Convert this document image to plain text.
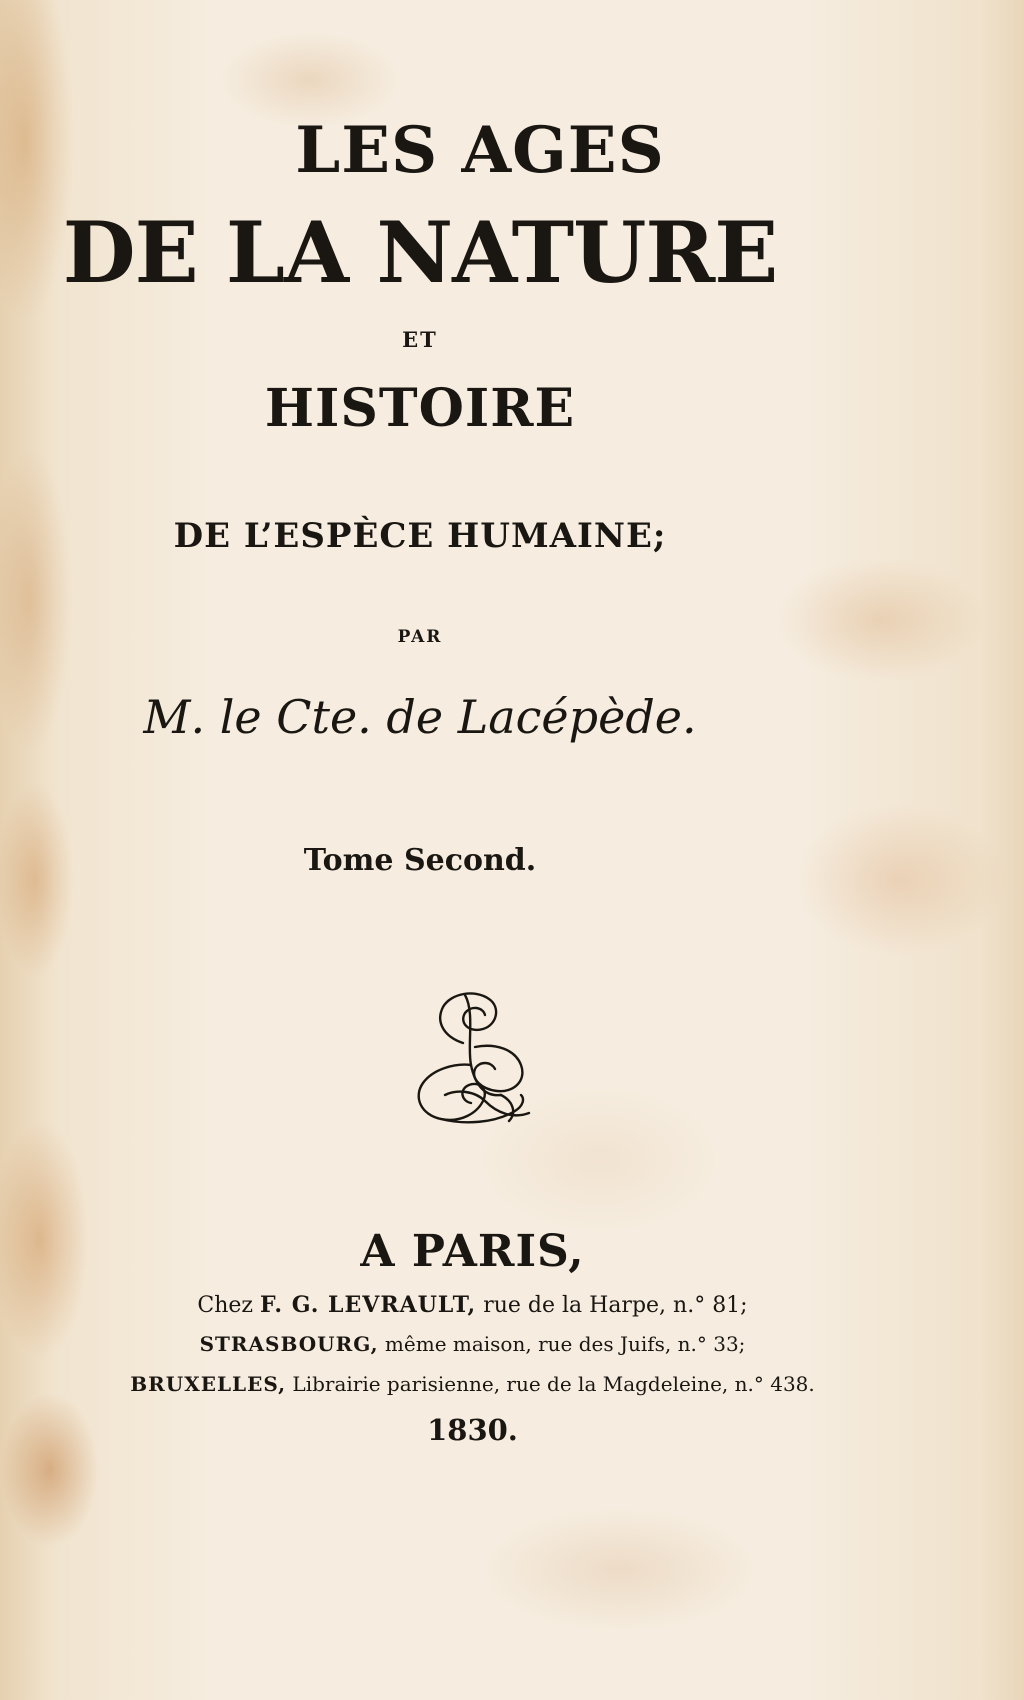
LES AGES

DE LA NATURE

ET

HISTOIRE

DE L’ESPÈCE HUMAINE;

PAR

M. le Cte. de Lacépède.

Tome Second.

A PARIS,

Chez F. G. LEVRAULT, rue de la Harpe, n.° 81;

STRASBOURG, même maison, rue des Juifs, n.° 33;

BRUXELLES, Librairie parisienne, rue de la Magdeleine, n.° 438.

1830.
